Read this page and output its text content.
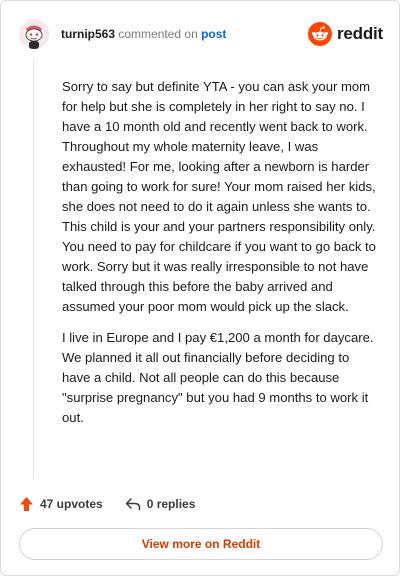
turnip563 commented on post	reddit

Sorry to say but definite YTA - you can ask your mom for help but she is completely in her right to say no. I have a 10 month old and recently went back to work. Throughout my whole maternity leave, I was exhausted! For me, looking after a newborn is harder than going to work for sure! Your mom raised her kids, she does not need to do it again unless she wants to. This child is your and your partners responsibility only. You need to pay for childcare if you want to go back to work. Sorry but it was really irresponsible to not have talked through this before the baby arrived and assumed your poor mom would pick up the slack.

I live in Europe and I pay €1,200 a month for daycare. We planned it all out financially before deciding to have a child. Not all people can do this because "surprise pregnancy" but you had 9 months to work it out.

47 upvotes	0 replies
View more on Reddit
